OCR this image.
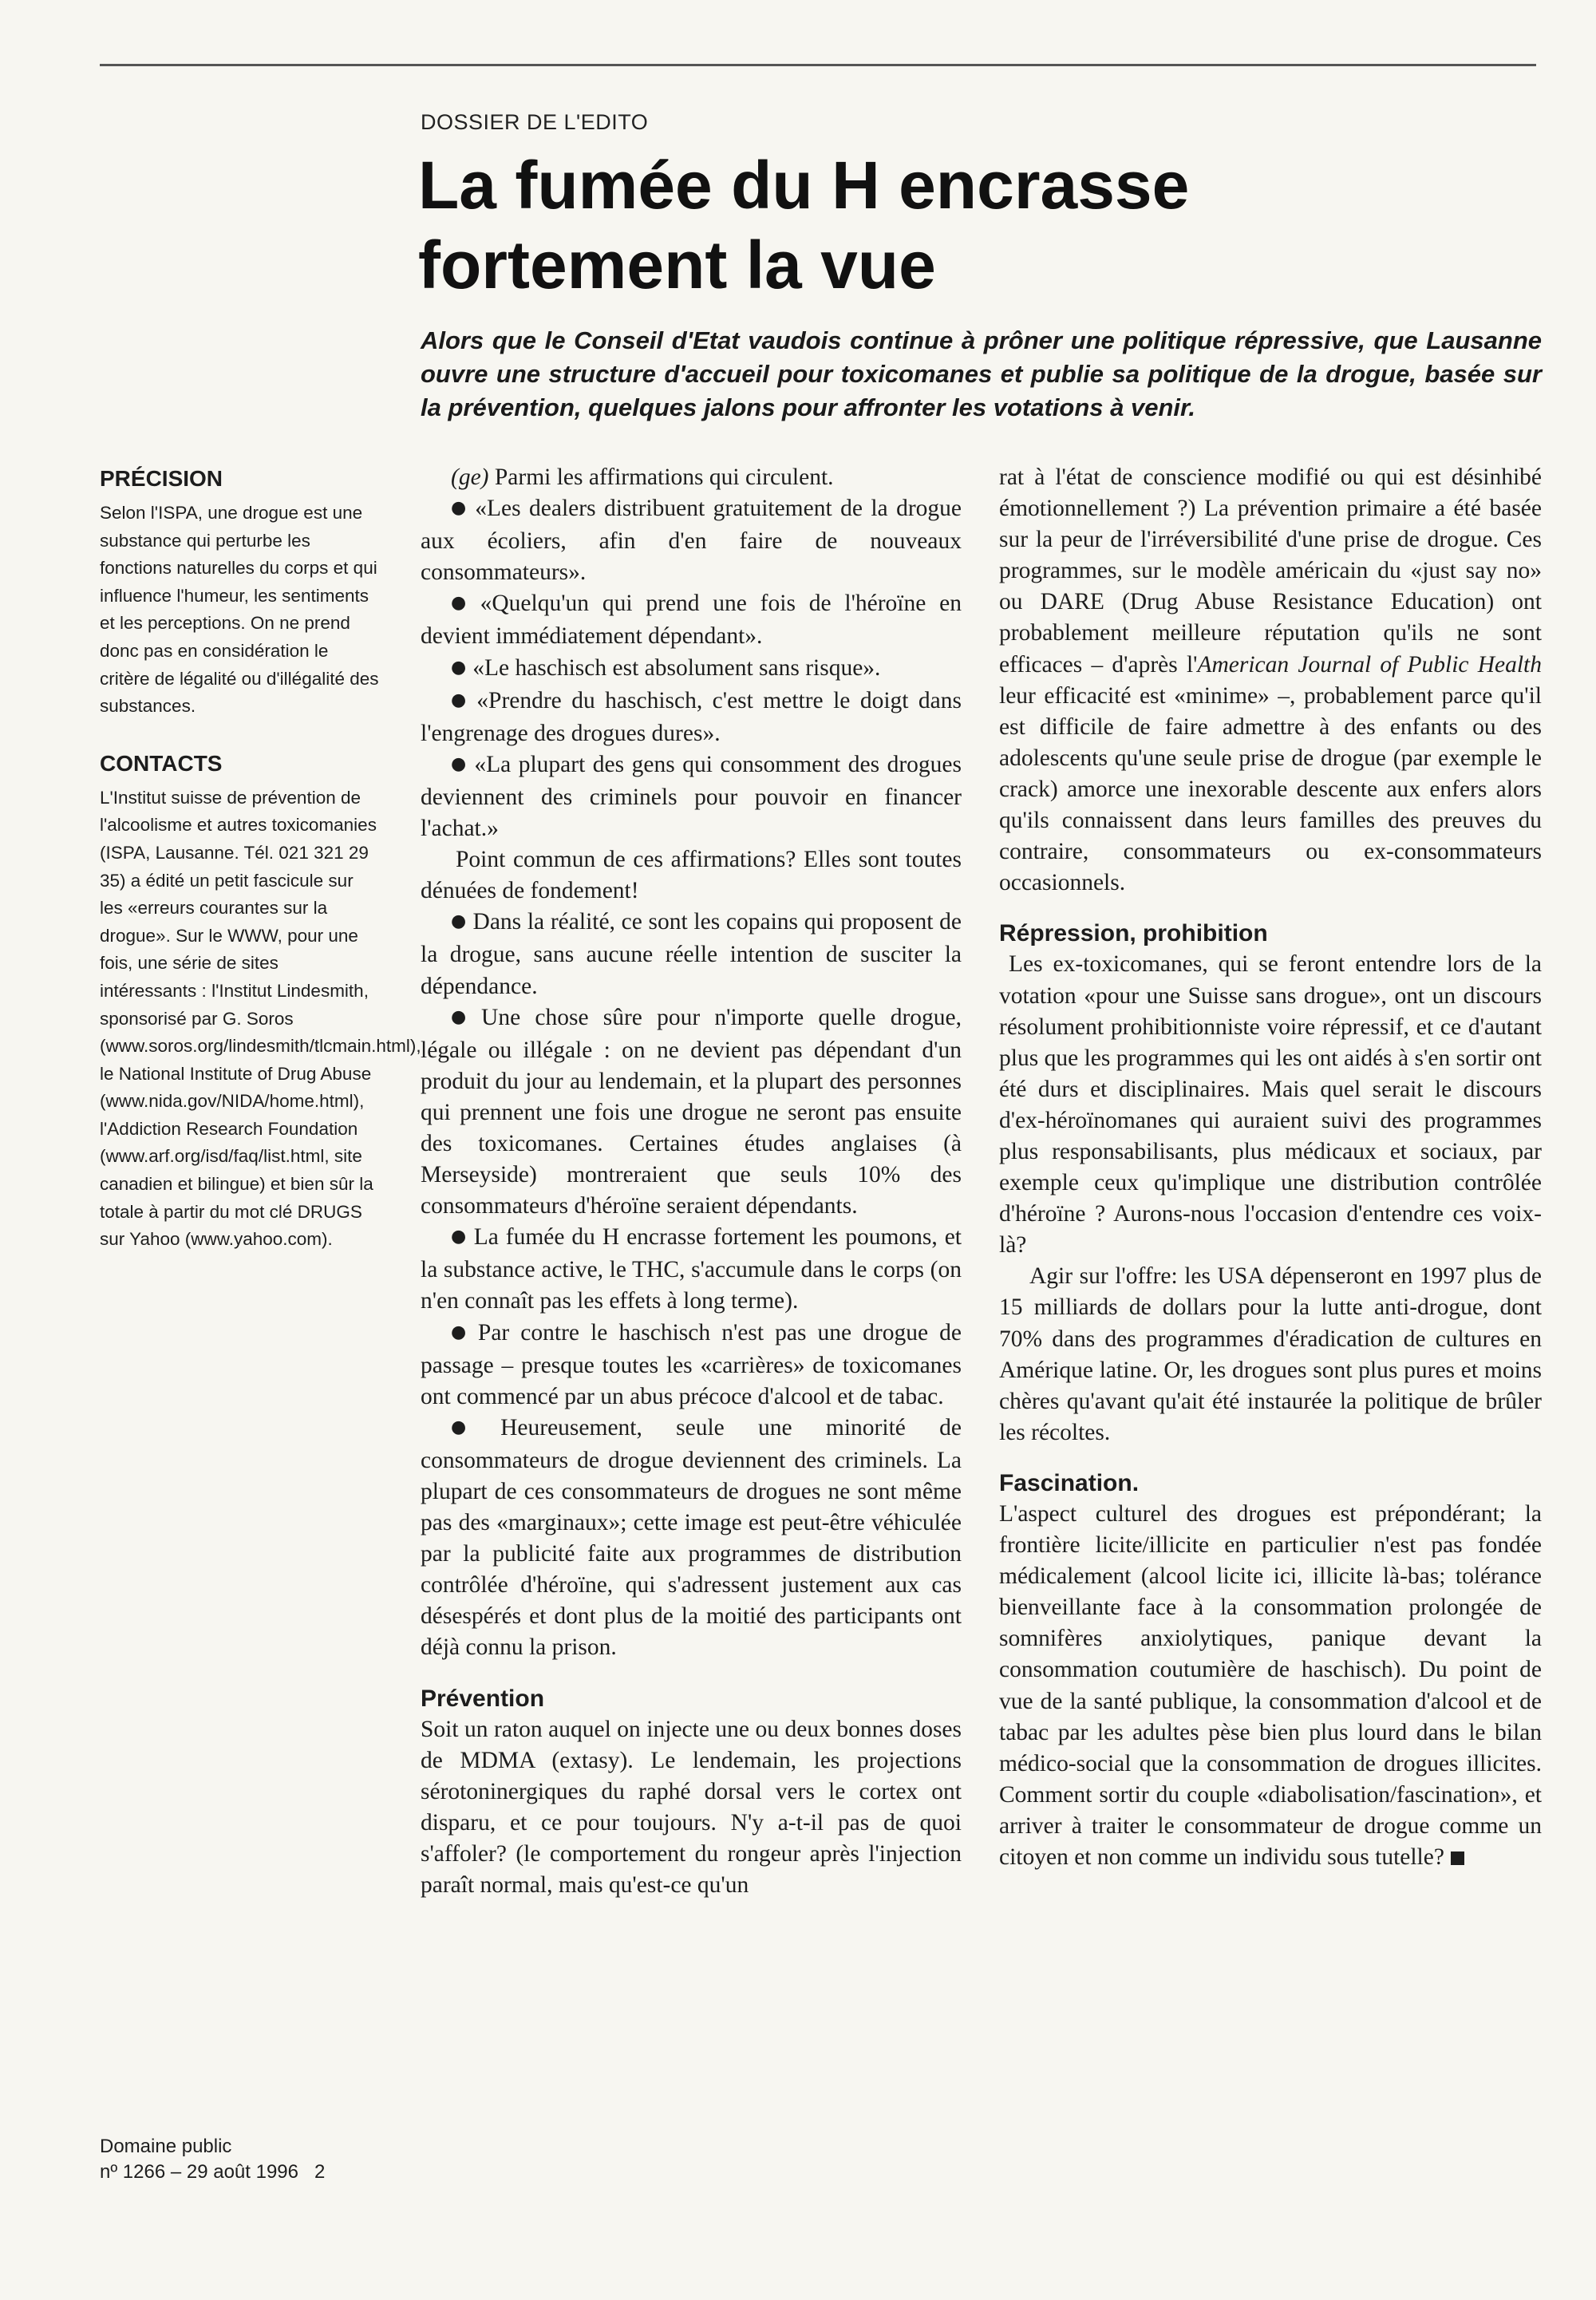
DOSSIER DE L'EDITO
La fumée du H encrasse
fortement la vue

Alors que le Conseil d'Etat vaudois continue à prôner une politique répressive, que Lausanne ouvre une structure d'accueil pour toxicomanes et publie sa politique de la drogue, basée sur la prévention, quelques jalons pour affronter les votations à venir.

PRÉCISION

Selon l'ISPA, une drogue est une substance qui perturbe les fonctions naturelles du corps et qui influence l'humeur, les sentiments et les perceptions. On ne prend donc pas en considération le critère de légalité ou d'illégalité des substances.

CONTACTS

L'Institut suisse de prévention de l'alcoolisme et autres toxicomanies (ISPA, Lausanne. Tél. 021 321 29 35) a édité un petit fascicule sur les «erreurs courantes sur la drogue». Sur le WWW, pour une fois, une série de sites intéressants : l'Institut Lindesmith, sponsorisé par G. Soros (www.soros.org/lindesmith/tlcmain.html), le National Institute of Drug Abuse (www.nida.gov/NIDA/home.html), l'Addiction Research Foundation (www.arf.org/isd/faq/list.html, site canadien et bilingue) et bien sûr la totale à partir du mot clé DRUGS sur Yahoo (www.yahoo.com).

Domaine public
nº 1266 – 29 août 1996 2

(ge) Parmi les affirmations qui circulent.

● «Les dealers distribuent gratuitement de la drogue aux écoliers, afin d'en faire de nouveaux consommateurs».

● «Quelqu'un qui prend une fois de l'héroïne en devient immédiatement dépendant».

● «Le haschisch est absolument sans risque».

● «Prendre du haschisch, c'est mettre le doigt dans l'engrenage des drogues dures».

● «La plupart des gens qui consomment des drogues deviennent des criminels pour pouvoir en financer l'achat.»

Point commun de ces affirmations? Elles sont toutes dénuées de fondement!

● Dans la réalité, ce sont les copains qui proposent de la drogue, sans aucune réelle intention de susciter la dépendance.

● Une chose sûre pour n'importe quelle drogue, légale ou illégale : on ne devient pas dépendant d'un produit du jour au lendemain, et la plupart des personnes qui prennent une fois une drogue ne seront pas ensuite des toxicomanes. Certaines études anglaises (à Merseyside) montreraient que seuls 10% des consommateurs d'héroïne seraient dépendants.

● La fumée du H encrasse fortement les poumons, et la substance active, le THC, s'accumule dans le corps (on n'en connaît pas les effets à long terme).

● Par contre le haschisch n'est pas une drogue de passage – presque toutes les «carrières» de toxicomanes ont commencé par un abus précoce d'alcool et de tabac.

● Heureusement, seule une minorité de consommateurs de drogue deviennent des criminels. La plupart de ces consommateurs de drogues ne sont même pas des «marginaux»; cette image est peut-être véhiculée par la publicité faite aux programmes de distribution contrôlée d'héroïne, qui s'adressent justement aux cas désespérés et dont plus de la moitié des participants ont déjà connu la prison.

Prévention

Soit un raton auquel on injecte une ou deux bonnes doses de MDMA (extasy). Le lendemain, les projections sérotoninergiques du raphé dorsal vers le cortex ont disparu, et ce pour toujours. N'y a-t-il pas de quoi s'affoler? (le comportement du rongeur après l'injection paraît normal, mais qu'est-ce qu'un

rat à l'état de conscience modifié ou qui est désinhibé émotionnellement ?) La prévention primaire a été basée sur la peur de l'irréversibilité d'une prise de drogue. Ces programmes, sur le modèle américain du «just say no» ou DARE (Drug Abuse Resistance Education) ont probablement meilleure réputation qu'ils ne sont efficaces – d'après l'American Journal of Public Health leur efficacité est «minime» –, probablement parce qu'il est difficile de faire admettre à des enfants ou des adolescents qu'une seule prise de drogue (par exemple le crack) amorce une inexorable descente aux enfers alors qu'ils connaissent dans leurs familles des preuves du contraire, consommateurs ou ex-consommateurs occasionnels.

Répression, prohibition

Les ex-toxicomanes, qui se feront entendre lors de la votation «pour une Suisse sans drogue», ont un discours résolument prohibitionniste voire répressif, et ce d'autant plus que les programmes qui les ont aidés à s'en sortir ont été durs et disciplinaires. Mais quel serait le discours d'ex-héroïnomanes qui auraient suivi des programmes plus responsabilisants, plus médicaux et sociaux, par exemple ceux qu'implique une distribution contrôlée d'héroïne ? Aurons-nous l'occasion d'entendre ces voix-là?

Agir sur l'offre: les USA dépenseront en 1997 plus de 15 milliards de dollars pour la lutte anti-drogue, dont 70% dans des programmes d'éradication de cultures en Amérique latine. Or, les drogues sont plus pures et moins chères qu'avant qu'ait été instaurée la politique de brûler les récoltes.

Fascination.

L'aspect culturel des drogues est prépondérant; la frontière licite/illicite en particulier n'est pas fondée médicalement (alcool licite ici, illicite là-bas; tolérance bienveillante face à la consommation prolongée de somnifères anxiolytiques, panique devant la consommation coutumière de haschisch). Du point de vue de la santé publique, la consommation d'alcool et de tabac par les adultes pèse bien plus lourd dans le bilan médico-social que la consommation de drogues illicites. Comment sortir du couple «diabolisation/fascination», et arriver à traiter le consommateur de drogue comme un citoyen et non comme un individu sous tutelle?
